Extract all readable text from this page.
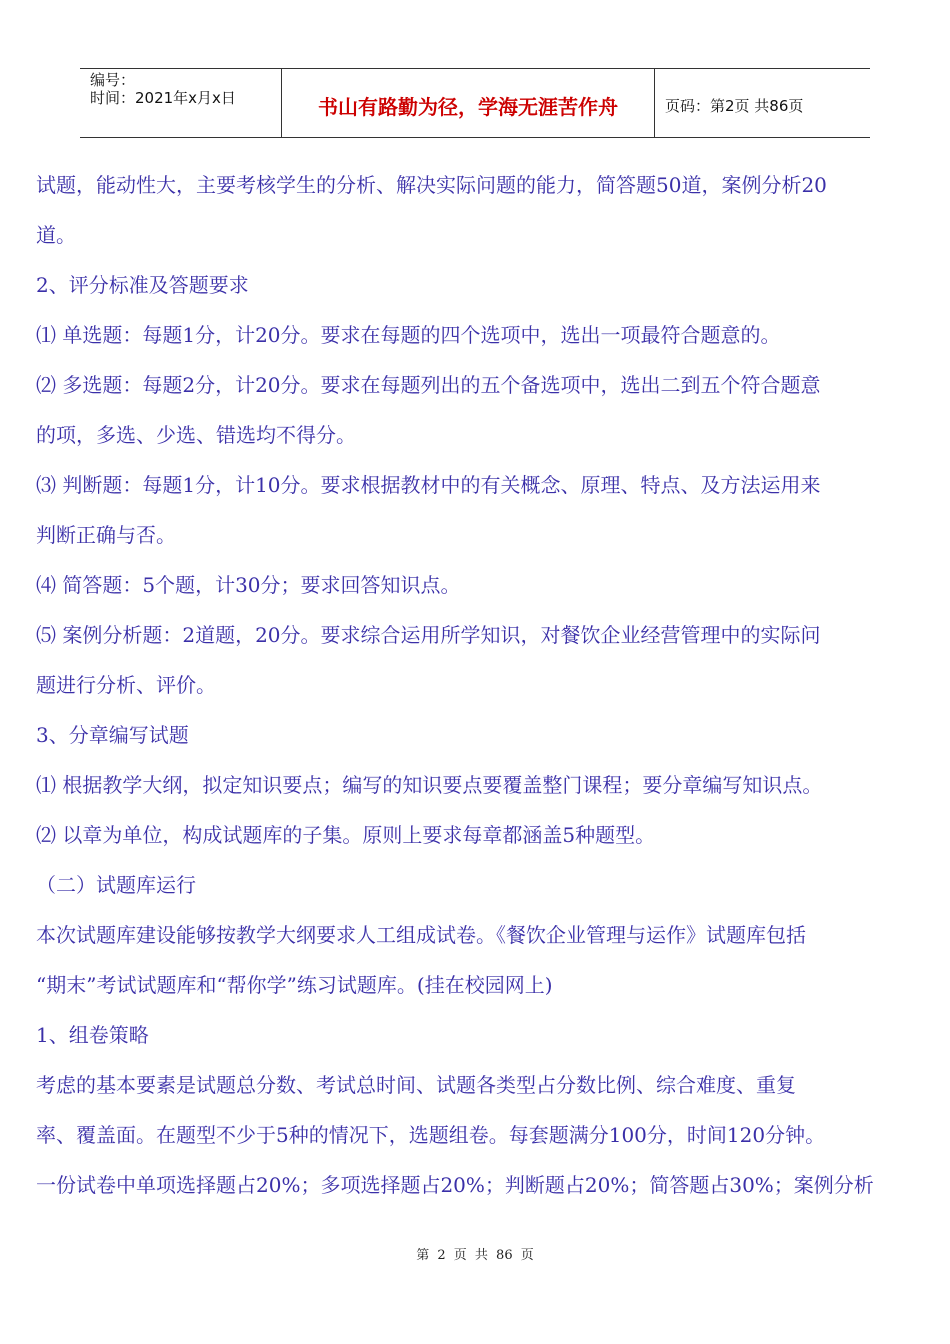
编号：
时间：2021年x月x日	书山有路勤为径，学海无涯苦作舟	页码：第2页 共86页

试题，能动性大，主要考核学生的分析、解决实际问题的能力，简答题50道，案例分析20

道。

2、评分标准及答题要求

⑴ 单选题：每题1分，计20分。要求在每题的四个选项中，选出一项最符合题意的。

⑵ 多选题：每题2分，计20分。要求在每题列出的五个备选项中，选出二到五个符合题意

的项，多选、少选、错选均不得分。

⑶ 判断题：每题1分，计10分。要求根据教材中的有关概念、原理、特点、及方法运用来

判断正确与否。

⑷ 简答题：5个题，计30分；要求回答知识点。

⑸ 案例分析题：2道题，20分。要求综合运用所学知识，对餐饮企业经营管理中的实际问

题进行分析、评价。

3、分章编写试题

⑴ 根据教学大纲，拟定知识要点；编写的知识要点要覆盖整门课程；要分章编写知识点。

⑵ 以章为单位，构成试题库的子集。原则上要求每章都涵盖5种题型。

（二）试题库运行

本次试题库建设能够按教学大纲要求人工组成试卷。《餐饮企业管理与运作》试题库包括

“期末”考试试题库和“帮你学”练习试题库。(挂在校园网上)

1、组卷策略

考虑的基本要素是试题总分数、考试总时间、试题各类型占分数比例、综合难度、重复

率、覆盖面。在题型不少于5种的情况下，选题组卷。每套题满分100分，时间120分钟。

一份试卷中单项选择题占20%；多项选择题占20%；判断题占20%；简答题占30%；案例分析

第 2 页 共 86 页
